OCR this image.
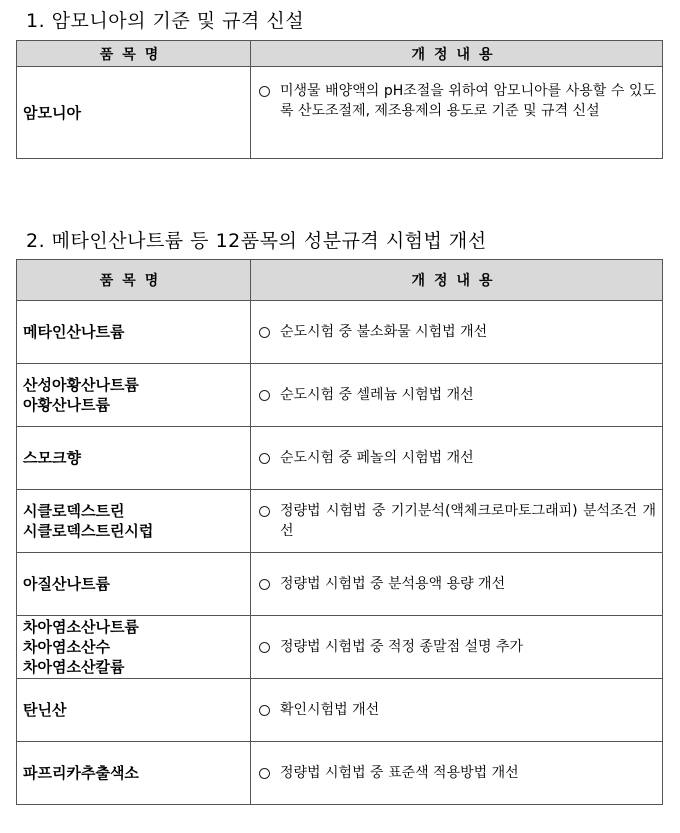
1. 암모니아의 기준 및 규격 신설
품목명	개정내용

암모니아	미생물 배양액의 pH조절을 위하여 암모니아를 사용할 수 있도록 산도조절제, 제조용제의 용도로 기준 및 규격 신설
2. 메타인산나트륨 등 12품목의 성분규격 시험법 개선
품목명	개정내용

메타인산나트륨	순도시험 중 불소화물 시험법 개선

산성아황산나트륨
아황산나트륨	순도시험 중 셀레늄 시험법 개선

스모크향	순도시험 중 페놀의 시험법 개선

시클로덱스트린
시클로덱스트린시럽	정량법 시험법 중 기기분석(액체크로마토그래피) 분석조건 개선

아질산나트륨	정량법 시험법 중 분석용액 용량 개선

차아염소산나트륨
차아염소산수
차아염소산칼륨	정량법 시험법 중 적정 종말점 설명 추가

탄닌산	확인시험법 개선

파프리카추출색소	정량법 시험법 중 표준색 적용방법 개선
